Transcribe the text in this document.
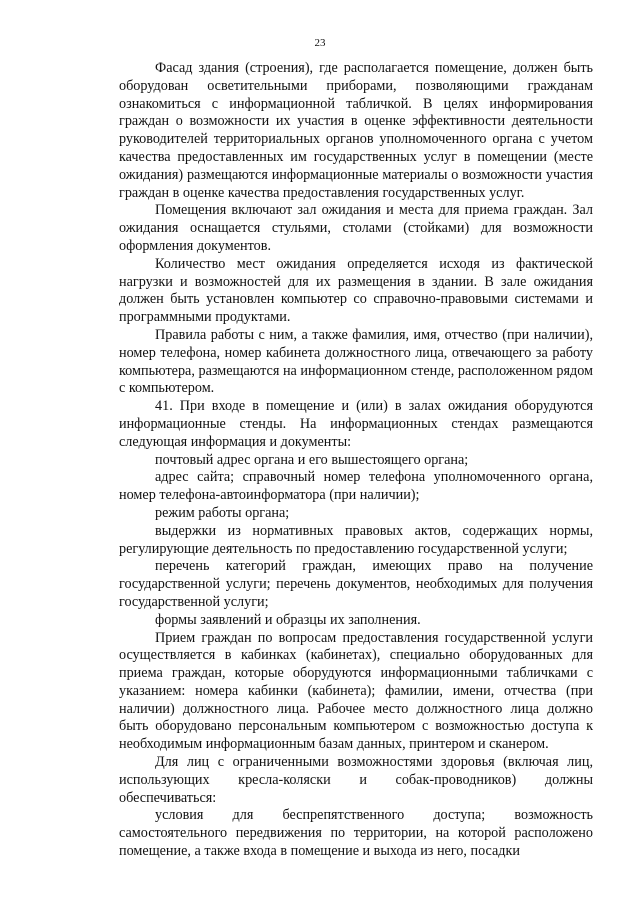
23

Фасад здания (строения), где располагается помещение, должен быть оборудован осветительными приборами, позволяющими гражданам ознакомиться с информационной табличкой. В целях информирования граждан о возможности их участия в оценке эффективности деятельности руководителей территориальных органов уполномоченного органа с учетом качества предоставленных им государственных услуг в помещении (месте ожидания) размещаются информационные материалы о возможности участия граждан в оценке качества предоставления государственных услуг.

Помещения включают зал ожидания и места для приема граждан. Зал ожидания оснащается стульями, столами (стойками) для возможности оформления документов.

Количество мест ожидания определяется исходя из фактической нагрузки и возможностей для их размещения в здании. В зале ожидания должен быть установлен компьютер со справочно-правовыми системами и программными продуктами.

Правила работы с ним, а также фамилия, имя, отчество (при наличии), номер телефона, номер кабинета должностного лица, отвечающего за работу компьютера, размещаются на информационном стенде, расположенном рядом с компьютером.

41. При входе в помещение и (или) в залах ожидания оборудуются информационные стенды. На информационных стендах размещаются следующая информация и документы:

почтовый адрес органа и его вышестоящего органа;

адрес сайта; справочный номер телефона уполномоченного органа, номер телефона-автоинформатора (при наличии);

режим работы органа;

выдержки из нормативных правовых актов, содержащих нормы, регулирующие деятельность по предоставлению государственной услуги;

перечень категорий граждан, имеющих право на получение государственной услуги; перечень документов, необходимых для получения государственной услуги;

формы заявлений и образцы их заполнения.

Прием граждан по вопросам предоставления государственной услуги осуществляется в кабинках (кабинетах), специально оборудованных для приема граждан, которые оборудуются информационными табличками с указанием: номера кабинки (кабинета); фамилии, имени, отчества (при наличии) должностного лица. Рабочее место должностного лица должно быть оборудовано персональным компьютером с возможностью доступа к необходимым информационным базам данных, принтером и сканером.

Для лиц с ограниченными возможностями здоровья (включая лиц, использующих кресла-коляски и собак-проводников) должны обеспечиваться:

условия для беспрепятственного доступа; возможность самостоятельного передвижения по территории, на которой расположено помещение, а также входа в помещение и выхода из него, посадки
